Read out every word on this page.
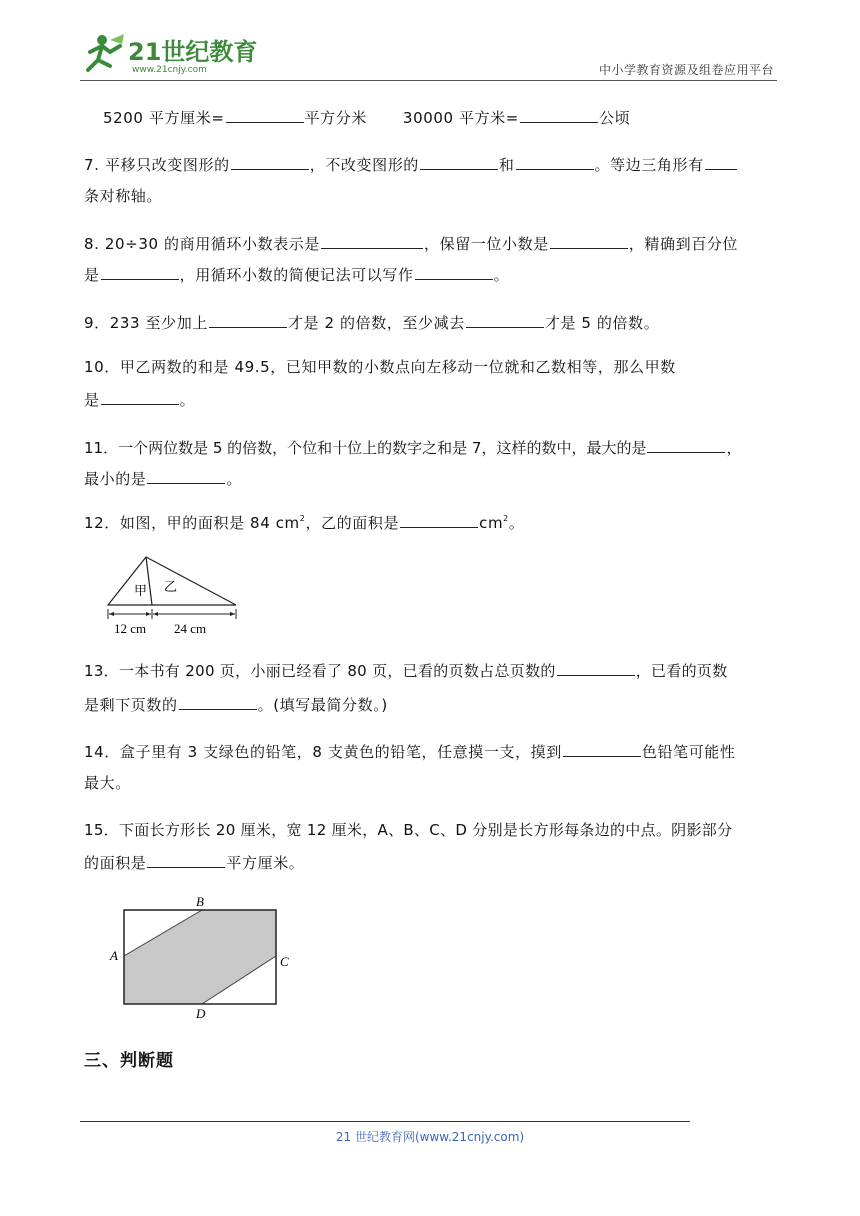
21世纪教育
www.21cnjy.com	中小学教育资源及组卷应用平台
5200 平方厘米=	平方分米 30000 平方米=	公顷
7. 平移只改变图形的	，不改变图形的	和	。等边三角形有
条对称轴。
8. 20÷30 的商用循环小数表示是	，保留一位小数是	，精确到百分位
是	，用循环小数的简便记法可以写作	。
9．233 至少加上	才是 2 的倍数，至少减去	才是 5 的倍数。
10．甲乙两数的和是 49.5，已知甲数的小数点向左移动一位就和乙数相等，那么甲数
是	。
11．一个两位数是 5 的倍数，个位和十位上的数字之和是 7，这样的数中，最大的是	，
最小的是	。
12．如图，甲的面积是 84 $cm^2$，乙的面积是	$cm^2$。
甲 乙
12 cm 24 cm
13．一本书有 200 页，小丽已经看了 80 页，已看的页数占总页数的	，已看的页数
是剩下页数的	。(填写最简分数。)
14．盒子里有 3 支绿色的铅笔，8 支黄色的铅笔，任意摸一支，摸到	色铅笔可能性
最大。
15．下面长方形长 20 厘米，宽 12 厘米，A、B、C、D 分别是长方形每条边的中点。阴影部分
的面积是	平方厘米。
B
A	C
D
三、判断题
21 世纪教育网(www.21cnjy.com)
